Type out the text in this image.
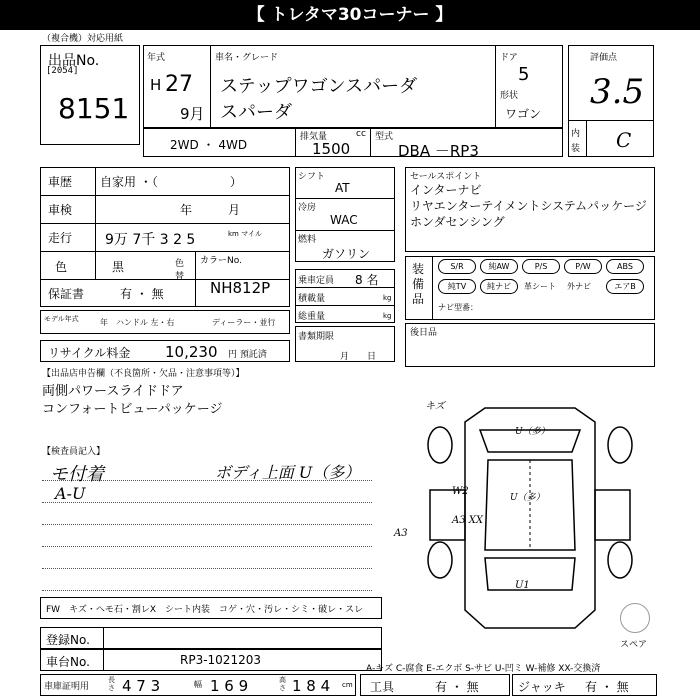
【 トレタマ30コーナー 】
（複合機）対応用紙
出品No.
[2054]
8151
年式
H 27
9月
車名・グレード
ステップワゴンスパーダ
スパーダ
ドア
5
形状
ワゴン
評価点
3.5
内
装 C
2WD ・ 4WD
排気量	cc
1500
型式
DBA －RP3
車歴 自家用 ・（　　　　　　）
車検	年　　　月
走行 9万 7千 3 2 5	km マイル
色	黒	色替
カラーNo.
NH812P
保証書	有 ・ 無
モデル年式	年　ハンドル 左・右	ディーラー・並行
リサイクル料金 10,230 円 預託済
シフト
AT
冷房
WAC
燃料
ガソリン
乗車定員 8 名
積載量	kg
総重量	kg
書類期限
月　　日
セールスポイント
インターナビ
リヤエンターテイメントシステムパッケージ
ホンダセンシング
装備品
S/R	純AW	P/S	P/W	ABS
純TV	純ナビ	革シート 外ナビ	エアB
ナビ型番：
後日品
【出品店申告欄（不良箇所・欠品・注意事項等）】
両側パワースライドドア
コンフォートビューパッケージ
【検査員記入】
モ付着
A-U
ボディ上面 U（多）
FW　キズ・ヘモ石・割レX　シート内装　コゲ・穴・汚レ・シミ・破レ・スレ
キズ
U（多）
W2
U（多）
A3 XX
A3
U1
スペア
登録No.
車台No.	RP3-1021203
A-キズ C-腐食 E-エクボ S-サビ U-凹ミ W-補修 XX-交換済
車庫証明用
長さ 4 7 3	幅 1 6 9	高さ 1 8 4 cm 工具	有 ・ 無	ジャッキ 有 ・ 無
